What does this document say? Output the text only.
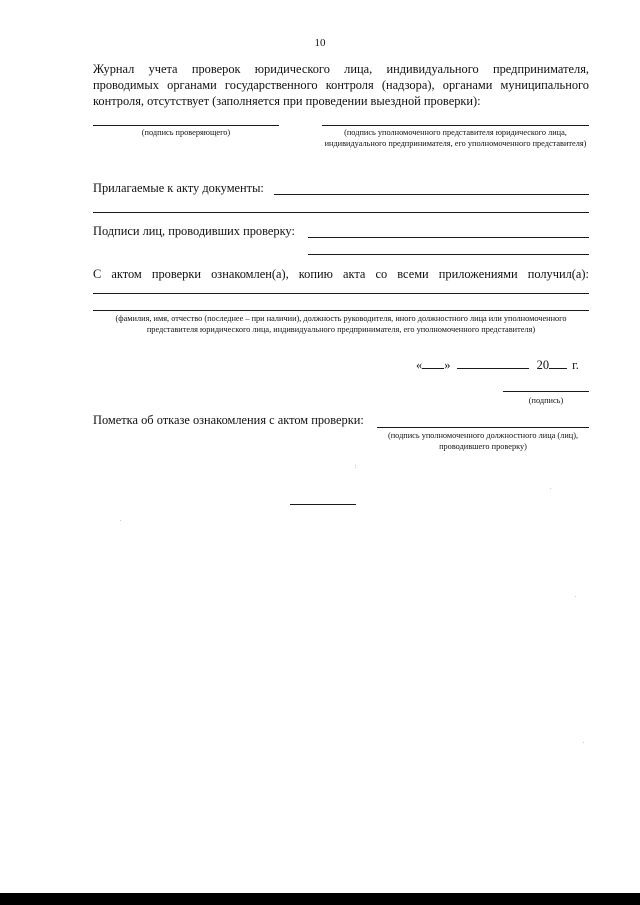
10
Журнал учета проверок юридического лица, индивидуального предпринимателя, проводимых органами государственного контроля (надзора), органами муниципального контроля, отсутствует (заполняется при проведении выездной проверки):
(подпись проверяющего)	(подпись уполномоченного представителя юридического лица, индивидуального предпринимателя, его уполномоченного представителя)
Прилагаемые к акту документы:
Подписи лиц, проводивших проверку:
С актом проверки ознакомлен(а), копию акта со всеми приложениями получил(а):
(фамилия, имя, отчество (последнее – при наличии), должность руководителя, иного должностного лица или уполномоченного представителя юридического лица, индивидуального предпринимателя, его уполномоченного представителя)
« »	20 г.
(подпись)
Пометка об отказе ознакомления с актом проверки:
(подпись уполномоченного должностного лица (лиц), проводившего проверку)
